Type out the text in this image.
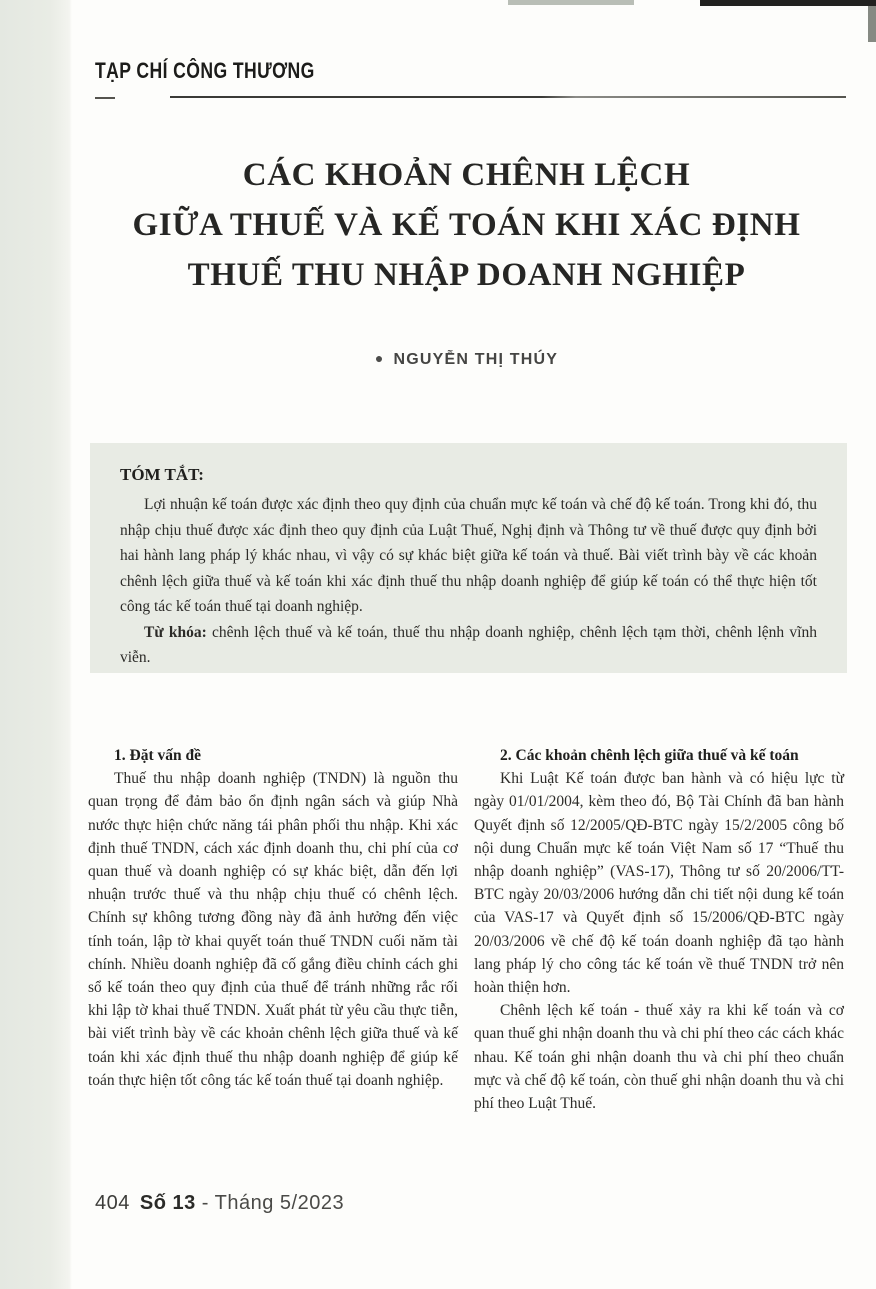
TẠP CHÍ CÔNG THƯƠNG
CÁC KHOẢN CHÊNH LỆCH
GIỮA THUẾ VÀ KẾ TOÁN KHI XÁC ĐỊNH
THUẾ THU NHẬP DOANH NGHIỆP
● NGUYỄN THỊ THÚY

TÓM TẮT:

Lợi nhuận kế toán được xác định theo quy định của chuẩn mực kế toán và chế độ kế toán. Trong khi đó, thu nhập chịu thuế được xác định theo quy định của Luật Thuế, Nghị định và Thông tư về thuế được quy định bởi hai hành lang pháp lý khác nhau, vì vậy có sự khác biệt giữa kế toán và thuế. Bài viết trình bày về các khoản chênh lệch giữa thuế và kế toán khi xác định thuế thu nhập doanh nghiệp để giúp kế toán có thể thực hiện tốt công tác kế toán thuế tại doanh nghiệp.

Từ khóa: chênh lệch thuế và kế toán, thuế thu nhập doanh nghiệp, chênh lệch tạm thời, chênh lệnh vĩnh viễn.

1. Đặt vấn đề

Thuế thu nhập doanh nghiệp (TNDN) là nguồn thu quan trọng để đảm bảo ổn định ngân sách và giúp Nhà nước thực hiện chức năng tái phân phối thu nhập. Khi xác định thuế TNDN, cách xác định doanh thu, chi phí của cơ quan thuế và doanh nghiệp có sự khác biệt, dẫn đến lợi nhuận trước thuế và thu nhập chịu thuế có chênh lệch. Chính sự không tương đồng này đã ảnh hưởng đến việc tính toán, lập tờ khai quyết toán thuế TNDN cuối năm tài chính. Nhiều doanh nghiệp đã cố gắng điều chỉnh cách ghi sổ kế toán theo quy định của thuế để tránh những rắc rối khi lập tờ khai thuế TNDN. Xuất phát từ yêu cầu thực tiễn, bài viết trình bày về các khoản chênh lệch giữa thuế và kế toán khi xác định thuế thu nhập doanh nghiệp để giúp kế toán thực hiện tốt công tác kế toán thuế tại doanh nghiệp.

2. Các khoản chênh lệch giữa thuế và kế toán

Khi Luật Kế toán được ban hành và có hiệu lực từ ngày 01/01/2004, kèm theo đó, Bộ Tài Chính đã ban hành Quyết định số 12/2005/QĐ-BTC ngày 15/2/2005 công bố nội dung Chuẩn mực kế toán Việt Nam số 17 “Thuế thu nhập doanh nghiệp” (VAS-17), Thông tư số 20/2006/TT-BTC ngày 20/03/2006 hướng dẫn chi tiết nội dung kế toán của VAS-17 và Quyết định số 15/2006/QĐ-BTC ngày 20/03/2006 về chế độ kế toán doanh nghiệp đã tạo hành lang pháp lý cho công tác kế toán về thuế TNDN trở nên hoàn thiện hơn.

Chênh lệch kế toán - thuế xảy ra khi kế toán và cơ quan thuế ghi nhận doanh thu và chi phí theo các cách khác nhau. Kế toán ghi nhận doanh thu và chi phí theo chuẩn mực và chế độ kế toán, còn thuế ghi nhận doanh thu và chi phí theo Luật Thuế.

404 Số 13 - Tháng 5/2023
